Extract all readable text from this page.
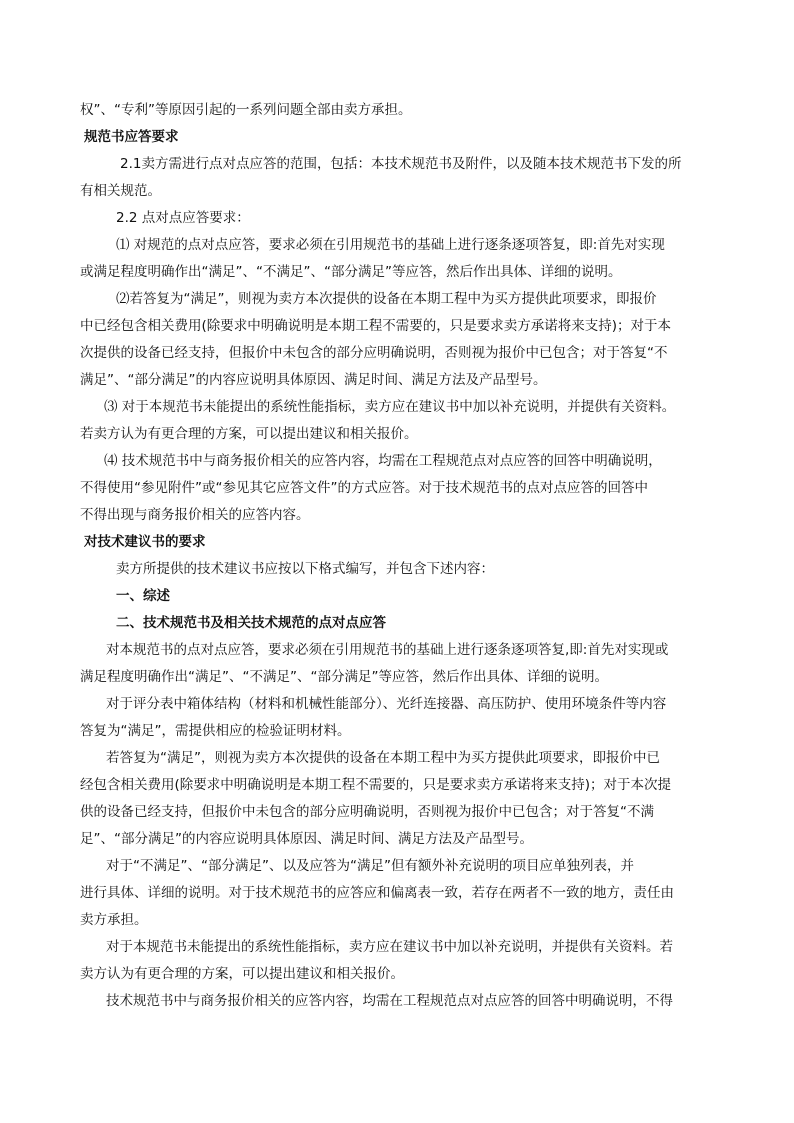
权”、“专利”等原因引起的一系列问题全部由卖方承担。
规范书应答要求
2.1卖方需进行点对点应答的范围，包括：本技术规范书及附件，以及随本技术规范书下发的所
有相关规范。
2.2 点对点应答要求：
⑴ 对规范的点对点应答，要求必须在引用规范书的基础上进行逐条逐项答复，即:首先对实现
或满足程度明确作出“满足”、“不满足”、“部分满足”等应答，然后作出具体、详细的说明。
⑵若答复为“满足”，则视为卖方本次提供的设备在本期工程中为买方提供此项要求，即报价
中已经包含相关费用(除要求中明确说明是本期工程不需要的，只是要求卖方承诺将来支持)；对于本
次提供的设备已经支持，但报价中未包含的部分应明确说明，否则视为报价中已包含；对于答复“不
满足”、“部分满足”的内容应说明具体原因、满足时间、满足方法及产品型号。
⑶ 对于本规范书未能提出的系统性能指标，卖方应在建议书中加以补充说明，并提供有关资料。
若卖方认为有更合理的方案，可以提出建议和相关报价。
⑷ 技术规范书中与商务报价相关的应答内容，均需在工程规范点对点应答的回答中明确说明，
不得使用“参见附件”或“参见其它应答文件”的方式应答。对于技术规范书的点对点应答的回答中
不得出现与商务报价相关的应答内容。
对技术建议书的要求
卖方所提供的技术建议书应按以下格式编写，并包含下述内容：
一、综述
二、技术规范书及相关技术规范的点对点应答
对本规范书的点对点应答，要求必须在引用规范书的基础上进行逐条逐项答复,即:首先对实现或
满足程度明确作出“满足”、“不满足”、“部分满足”等应答，然后作出具体、详细的说明。
对于评分表中箱体结构（材料和机械性能部分）、光纤连接器、高压防护、使用环境条件等内容
答复为“满足”，需提供相应的检验证明材料。
若答复为“满足”，则视为卖方本次提供的设备在本期工程中为买方提供此项要求，即报价中已
经包含相关费用(除要求中明确说明是本期工程不需要的，只是要求卖方承诺将来支持)；对于本次提
供的设备已经支持，但报价中未包含的部分应明确说明，否则视为报价中已包含；对于答复“不满
足”、“部分满足”的内容应说明具体原因、满足时间、满足方法及产品型号。
对于“不满足”、“部分满足”、以及应答为“满足”但有额外补充说明的项目应单独列表，并
进行具体、详细的说明。对于技术规范书的应答应和偏离表一致，若存在两者不一致的地方，责任由
卖方承担。
对于本规范书未能提出的系统性能指标，卖方应在建议书中加以补充说明，并提供有关资料。若
卖方认为有更合理的方案，可以提出建议和相关报价。
技术规范书中与商务报价相关的应答内容，均需在工程规范点对点应答的回答中明确说明，不得
